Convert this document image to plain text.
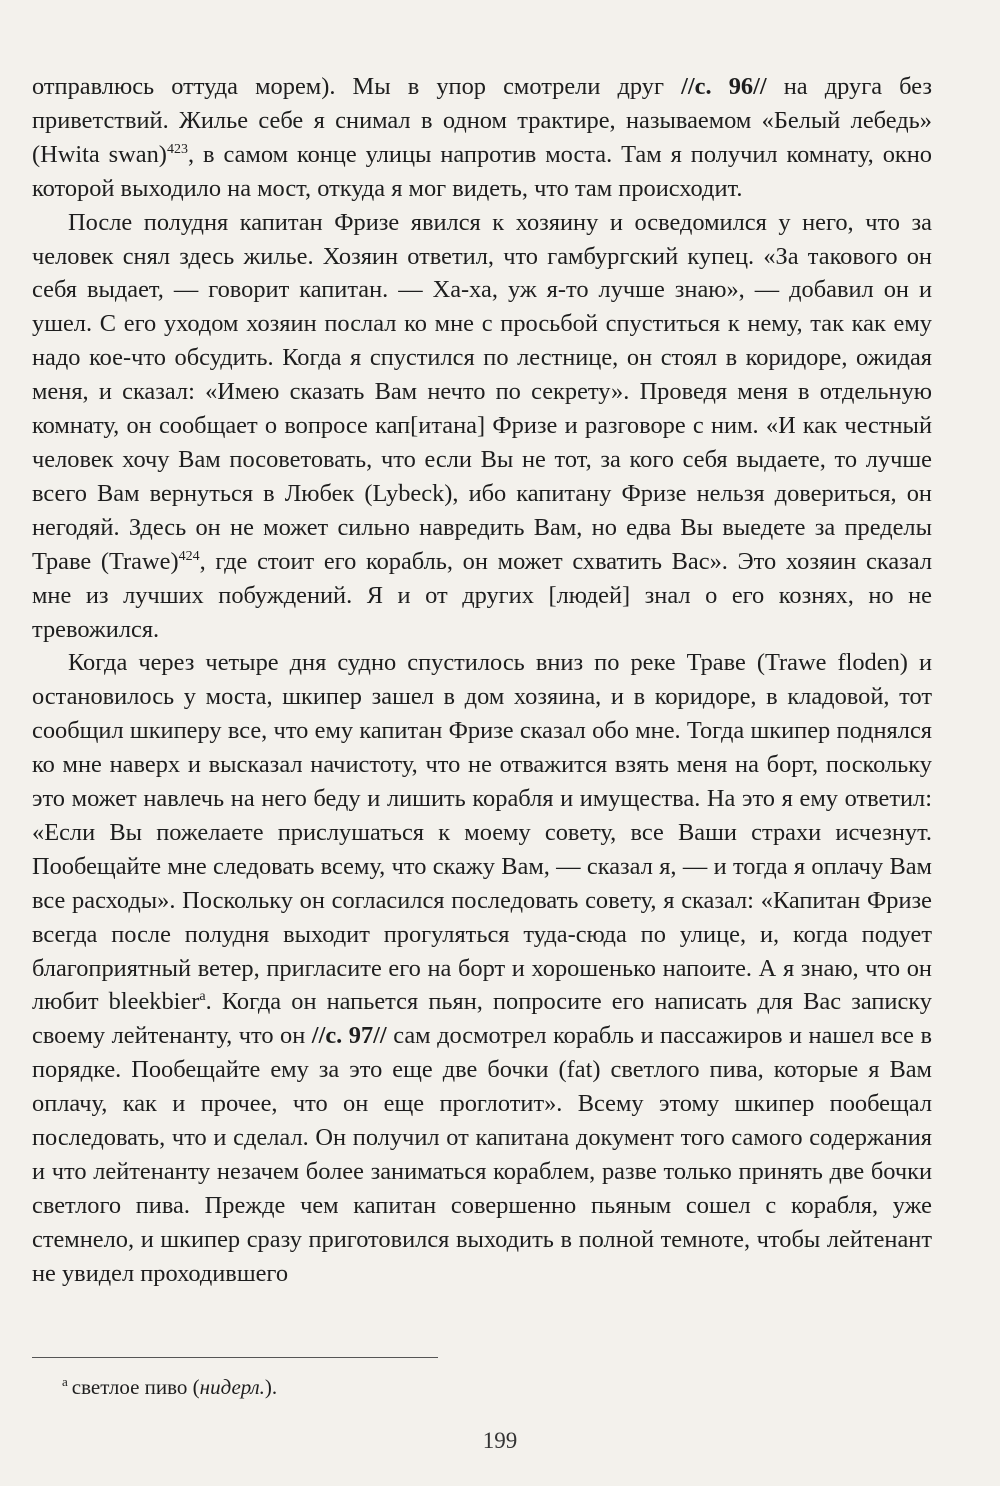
отправлюсь оттуда морем). Мы в упор смотрели друг //с. 96// на друга без приветствий. Жилье себе я снимал в одном трактире, называемом «Белый лебедь» (Hwita swan)$^{423}$, в самом конце улицы напротив моста. Там я получил комнату, окно которой выходило на мост, откуда я мог видеть, что там происходит.

После полудня капитан Фризе явился к хозяину и осведомился у него, что за человек снял здесь жилье. Хозяин ответил, что гамбургский купец. «За такового он себя выдает, — говорит капитан. — Ха-ха, уж я-то лучше знаю», — добавил он и ушел. С его уходом хозяин послал ко мне с просьбой спуститься к нему, так как ему надо кое-что обсудить. Когда я спустился по лестнице, он стоял в коридоре, ожидая меня, и сказал: «Имею сказать Вам нечто по секрету». Проведя меня в отдельную комнату, он сообщает о вопросе кап[итана] Фризе и разговоре с ним. «И как честный человек хочу Вам посоветовать, что если Вы не тот, за кого себя выдаете, то лучше всего Вам вернуться в Любек (Lybeck), ибо капитану Фризе нельзя довериться, он негодяй. Здесь он не может сильно навредить Вам, но едва Вы выедете за пределы Траве (Trawe)$^{424}$, где стоит его корабль, он может схватить Вас». Это хозяин сказал мне из лучших побуждений. Я и от других [людей] знал о его кознях, но не тревожился.

Когда через четыре дня судно спустилось вниз по реке Траве (Trawe floden) и остановилось у моста, шкипер зашел в дом хозяина, и в коридоре, в кладовой, тот сообщил шкиперу все, что ему капитан Фризе сказал обо мне. Тогда шкипер поднялся ко мне наверх и высказал начистоту, что не отважится взять меня на борт, поскольку это может навлечь на него беду и лишить корабля и имущества. На это я ему ответил: «Если Вы пожелаете прислушаться к моему совету, все Ваши страхи исчезнут. Пообещайте мне следовать всему, что скажу Вам, — сказал я, — и тогда я оплачу Вам все расходы». Поскольку он согласился последовать совету, я сказал: «Капитан Фризе всегда после полудня выходит прогуляться туда-сюда по улице, и, когда подует благоприятный ветер, пригласите его на борт и хорошенько напоите. А я знаю, что он любит bleekbier$^a$. Когда он напьется пьян, попросите его написать для Вас записку своему лейтенанту, что он //с. 97// сам досмотрел корабль и пассажиров и нашел все в порядке. Пообещайте ему за это еще две бочки (fat) светлого пива, которые я Вам оплачу, как и прочее, что он еще проглотит». Всему этому шкипер пообещал последовать, что и сделал. Он получил от капитана документ того самого содержания и что лейтенанту незачем более заниматься кораблем, разве только принять две бочки светлого пива. Прежде чем капитан совершенно пьяным сошел с корабля, уже стемнело, и шкипер сразу приготовился выходить в полной темноте, чтобы лейтенант не увидел проходившего

$^a$ светлое пиво (нидерл.).
199
